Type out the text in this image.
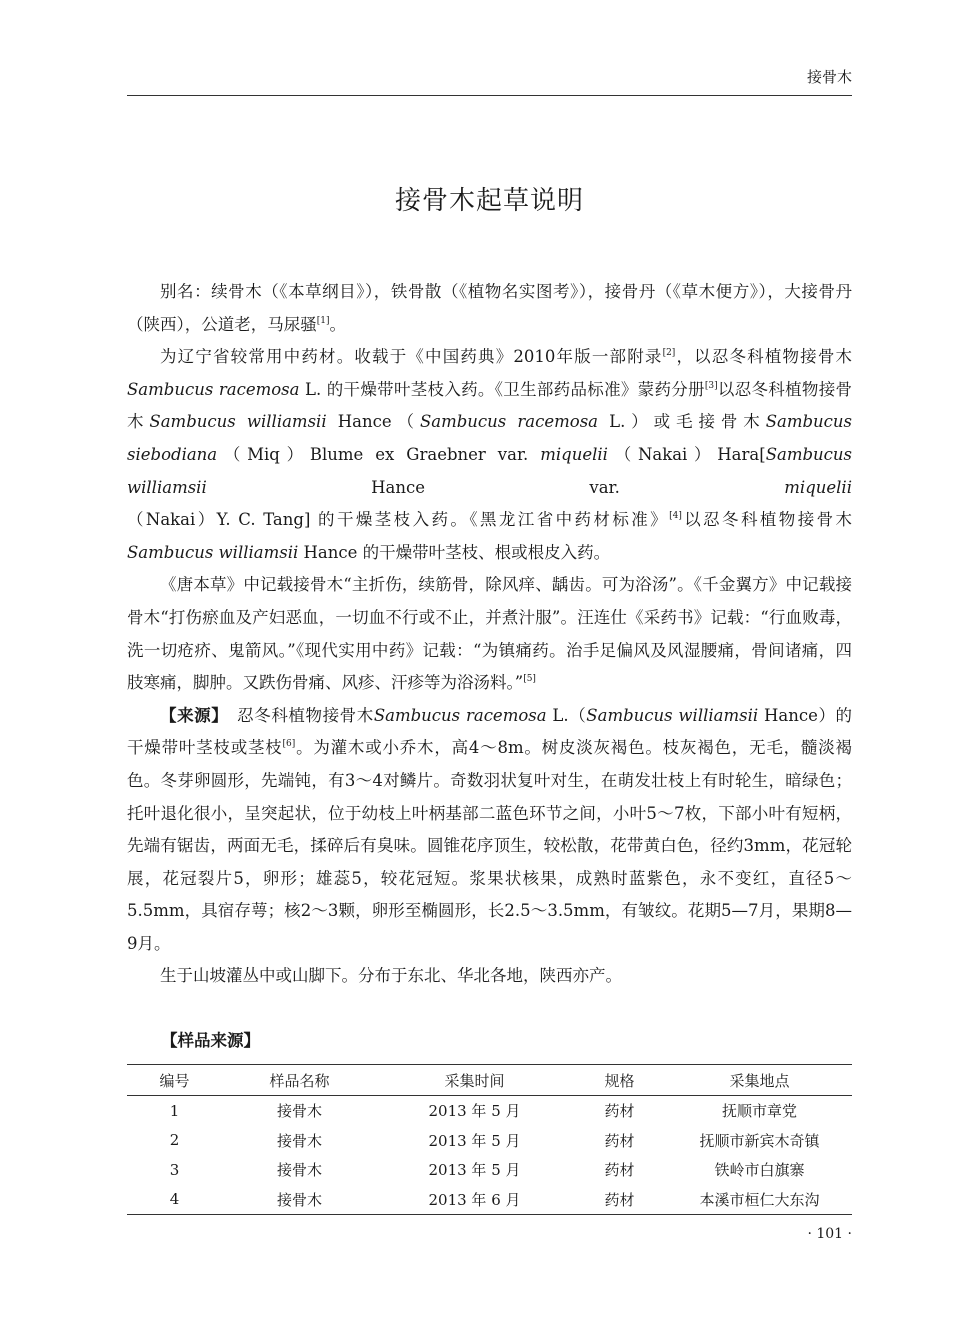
接骨木
接骨木起草说明

别名：续骨木（《本草纲目》），铁骨散（《植物名实图考》），接骨丹（《草木便方》），大接骨丹（陕西），公道老，马尿骚[1]。

为辽宁省较常用中药材。收载于《中国药典》2010年版一部附录[2]，以忍冬科植物接骨木Sambucus racemosa L. 的干燥带叶茎枝入药。《卫生部药品标准》蒙药分册[3]以忍冬科植物接骨木Sambucus williamsii Hance（Sambucus racemosa L.）或毛接骨木Sambucus siebodiana（Miq）Blume ex Graebner var. miquelii（Nakai）Hara[Sambucus williamsii Hance var. miquelii（Nakai）Y. C. Tang] 的干燥茎枝入药。《黑龙江省中药材标准》[4]以忍冬科植物接骨木Sambucus williamsii Hance 的干燥带叶茎枝、根或根皮入药。

《唐本草》中记载接骨木“主折伤，续筋骨，除风痒、龋齿。可为浴汤”。《千金翼方》中记载接骨木“打伤瘀血及产妇恶血，一切血不行或不止，并煮汁服”。汪连仕《采药书》记载：“行血败毒，洗一切疮疥、鬼箭风。”《现代实用中药》记载：“为镇痛药。治手足偏风及风湿腰痛，骨间诸痛，四肢寒痛，脚肿。又跌伤骨痛、风疹、汗疹等为浴汤料。”[5]

【来源】　忍冬科植物接骨木Sambucus racemosa L.（Sambucus williamsii Hance）的干燥带叶茎枝或茎枝[6]。为灌木或小乔木，高4～8m。树皮淡灰褐色。枝灰褐色，无毛，髓淡褐色。冬芽卵圆形，先端钝，有3～4对鳞片。奇数羽状复叶对生，在萌发壮枝上有时轮生，暗绿色；托叶退化很小，呈突起状，位于幼枝上叶柄基部二蓝色环节之间，小叶5～7枚，下部小叶有短柄，先端有锯齿，两面无毛，揉碎后有臭味。圆锥花序顶生，较松散，花带黄白色，径约3mm，花冠轮展，花冠裂片5，卵形；雄蕊5，较花冠短。浆果状核果，成熟时蓝紫色，永不变红，直径5～5.5mm，具宿存萼；核2～3颗，卵形至椭圆形，长2.5～3.5mm，有皱纹。花期5—7月，果期8—9月。

生于山坡灌丛中或山脚下。分布于东北、华北各地，陕西亦产。

【样品来源】
编号	样品名称	采集时间	规格	采集地点
1	接骨木	2013 年 5 月	药材	抚顺市章党
2	接骨木	2013 年 5 月	药材	抚顺市新宾木奇镇
3	接骨木	2013 年 5 月	药材	铁岭市白旗寨
4	接骨木	2013 年 6 月	药材	本溪市桓仁大东沟
· 101 ·
